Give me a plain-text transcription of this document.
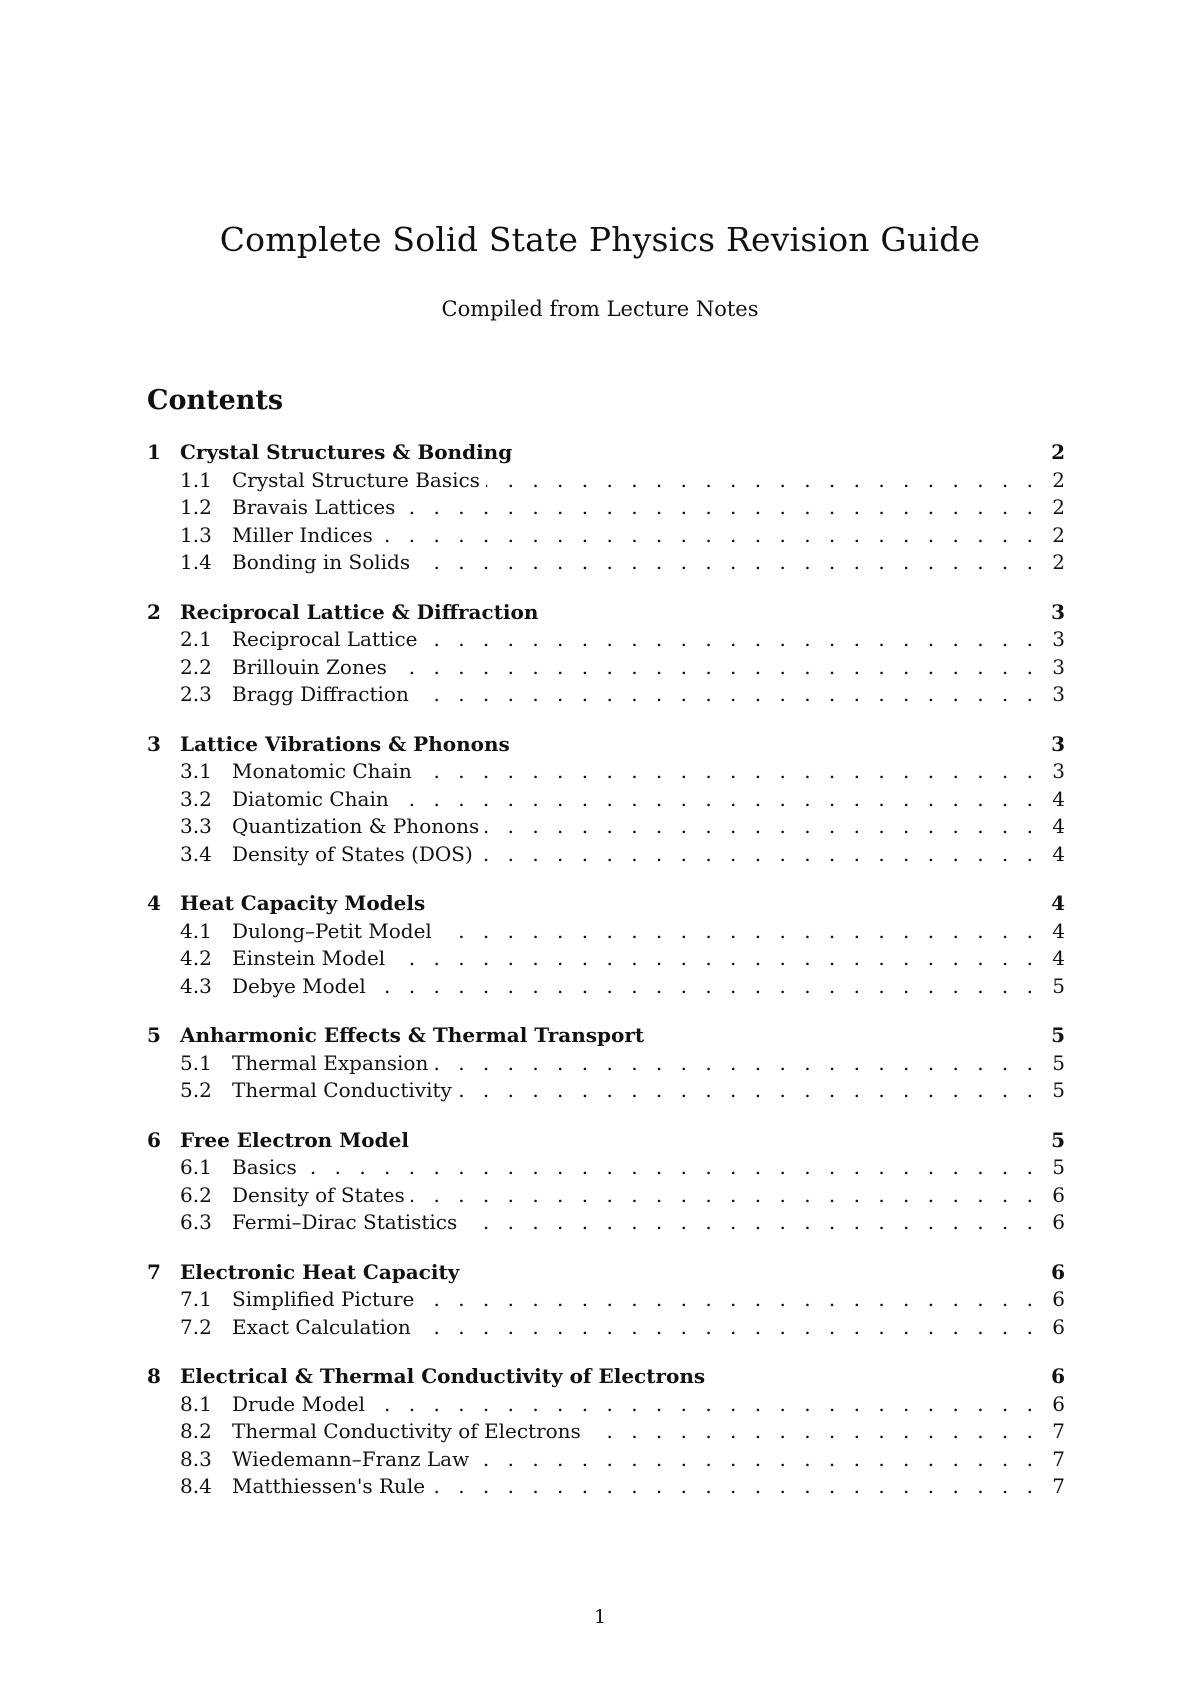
Complete Solid State Physics Revision Guide
Compiled from Lecture Notes
Contents
1 Crystal Structures & Bonding	2
1.1	Crystal Structure Basics . . .	2
1.2	Bravais Lattices . . .	2
1.3	Miller Indices . . .	2
1.4	Bonding in Solids . . .	2
2 Reciprocal Lattice & Diffraction	3
2.1	Reciprocal Lattice . . .	3
2.2	Brillouin Zones . . .	3
2.3	Bragg Diffraction . . .	3
3 Lattice Vibrations & Phonons	3
3.1	Monatomic Chain . . .	3
3.2	Diatomic Chain . . .	4
3.3	Quantization & Phonons . . .	4
3.4	Density of States (DOS) . . .	4
4 Heat Capacity Models	4
4.1	Dulong–Petit Model . . .	4
4.2	Einstein Model . . .	4
4.3	Debye Model . . .	5
5 Anharmonic Effects & Thermal Transport	5
5.1	Thermal Expansion . . .	5
5.2	Thermal Conductivity . . .	5
6 Free Electron Model	5
6.1	Basics . . .	5
6.2	Density of States . . .	6
6.3	Fermi–Dirac Statistics . . .	6
7 Electronic Heat Capacity	6
7.1	Simplified Picture . . .	6
7.2	Exact Calculation . . .	6
8 Electrical & Thermal Conductivity of Electrons	6
8.1	Drude Model . . .	6
8.2	Thermal Conductivity of Electrons . . .	7
8.3	Wiedemann–Franz Law . . .	7
8.4	Matthiessen's Rule . . .	7
1
